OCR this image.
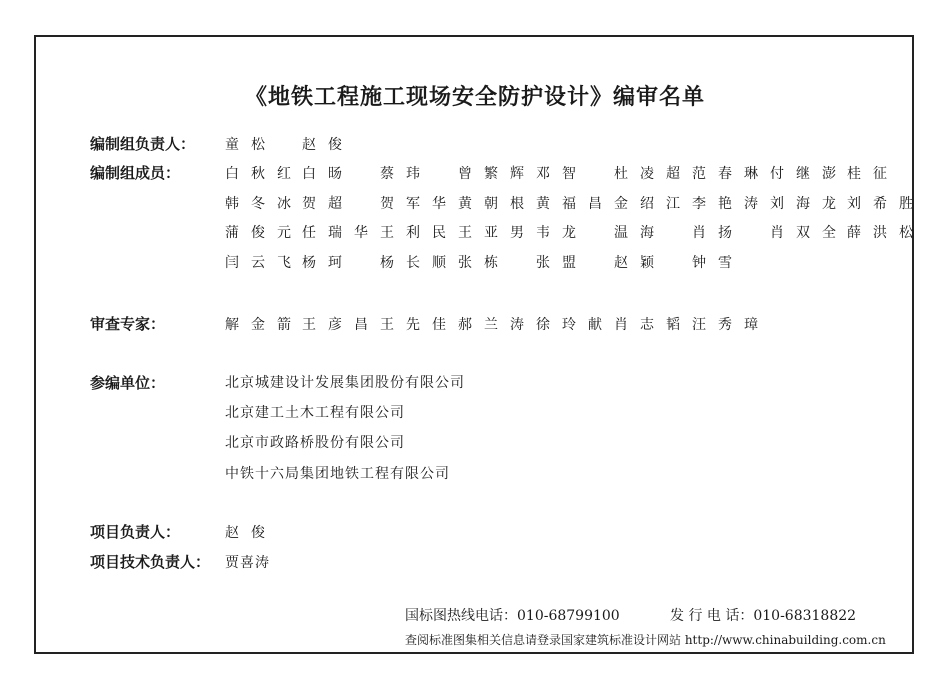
《地铁工程施工现场安全防护设计》编审名单
编制组负责人： 童 松	赵 俊
编制组成员：	白秋红 白 旸	蔡 玮	曾繁辉 邓 智	杜凌超 范春琳 付继澎 桂 征
韩冬冰 贺 超	贺军华 黄朝根 黄福昌 金绍江 李艳涛 刘海龙 刘希胜
蒲俊元 任瑞华 王利民 王亚男 韦 龙	温 海	肖 扬	肖双全 薛洪松
闫云飞 杨 珂	杨长顺 张 栋	张 盟	赵 颖	钟 雪
审查专家：	解金箭 王彦昌 王先佳 郝兰涛 徐玲献 肖志韬 汪秀璋
参编单位：	北京城建设计发展集团股份有限公司
北京建工土木工程有限公司
北京市政路桥股份有限公司
中铁十六局集团地铁工程有限公司
项目负责人：	赵 俊
项目技术负责人： 贾喜涛
国标图热线电话：010-68799100	发 行 电 话：010-68318822
查阅标准图集相关信息请登录国家建筑标准设计网站 http://www.chinabuilding.com.cn
